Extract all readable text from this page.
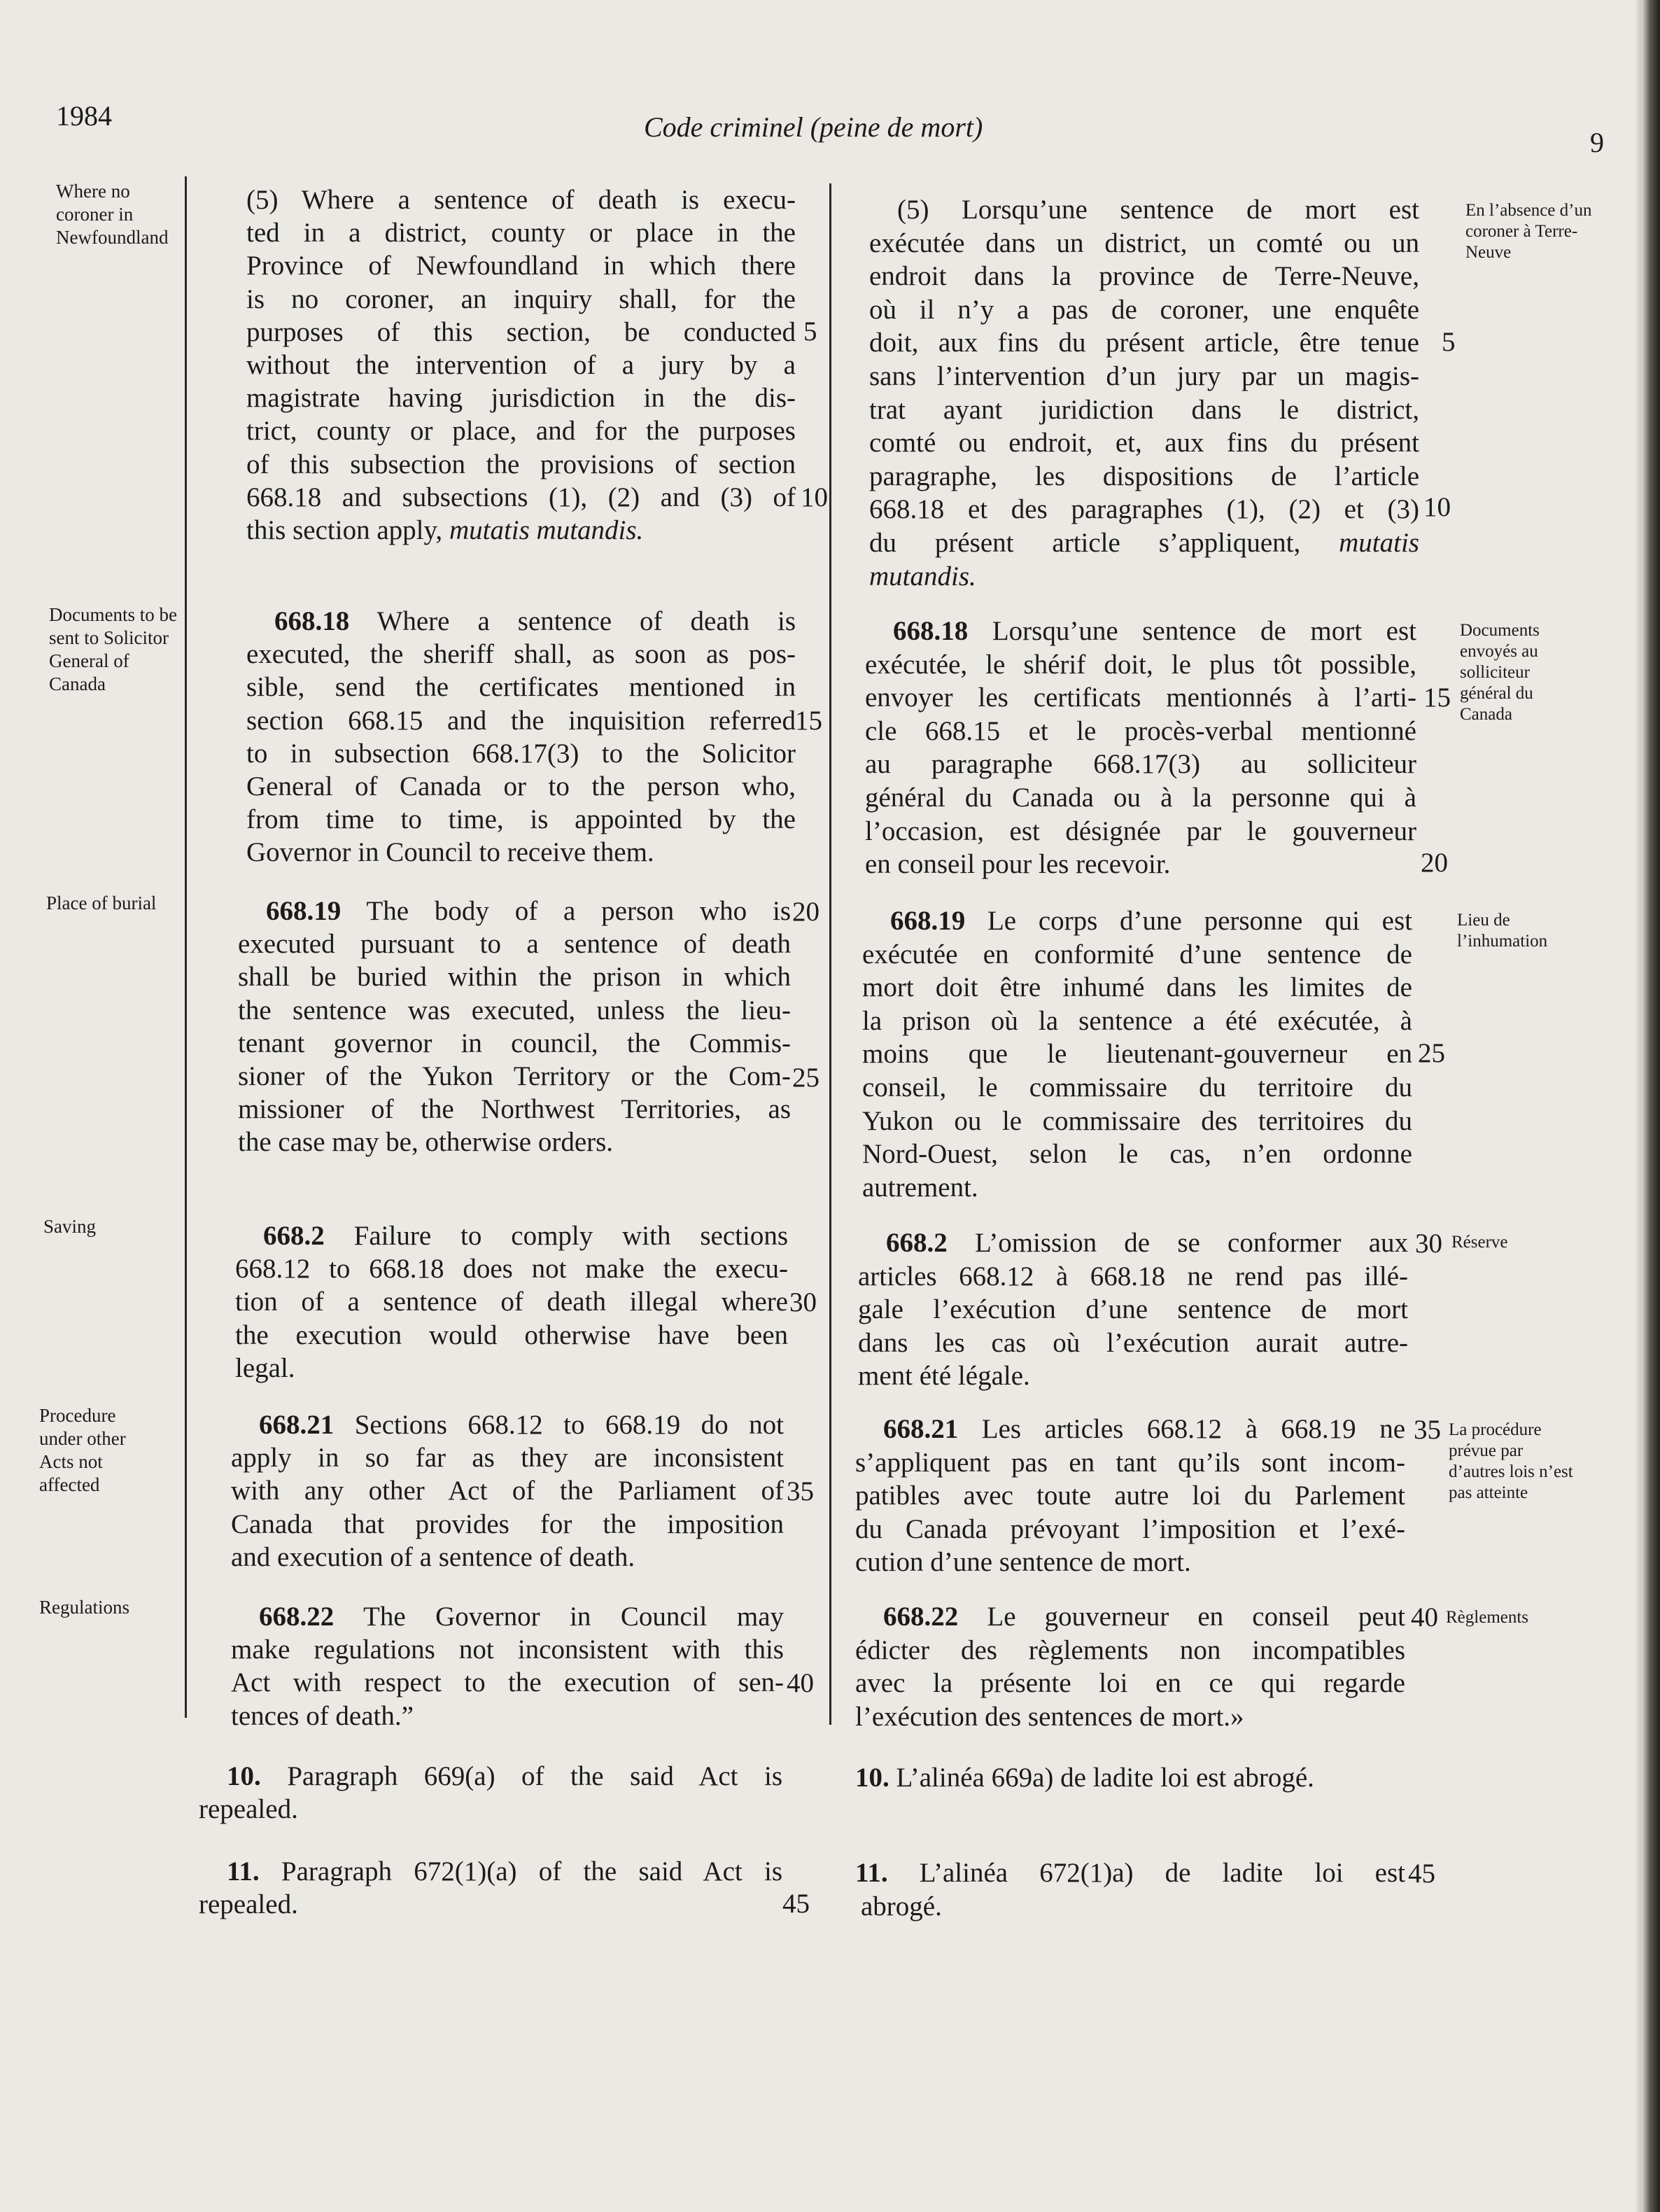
1984	Code criminel (peine de mort)	9
Where no coroner in Newfoundland
Documents to be sent to Solicitor General of Canada
Place of burial
Saving
Procedure under other Acts not affected
Regulations

(5) Where a sentence of death is execu-

ted in a district, county or place in the

Province of Newfoundland in which there

is no coroner, an inquiry shall, for the

purposes of this section, be conducted

without the intervention of a jury by a

magistrate having jurisdiction in the dis-

trict, county or place, and for the purposes

of this subsection the provisions of section

668.18 and subsections (1), (2) and (3) of

this section apply, mutatis mutandis.

668.18 Where a sentence of death is

executed, the sheriff shall, as soon as pos-

sible, send the certificates mentioned in

section 668.15 and the inquisition referred

to in subsection 668.17(3) to the Solicitor

General of Canada or to the person who,

from time to time, is appointed by the

Governor in Council to receive them.

668.19 The body of a person who is

executed pursuant to a sentence of death

shall be buried within the prison in which

the sentence was executed, unless the lieu-

tenant governor in council, the Commis-

sioner of the Yukon Territory or the Com-

missioner of the Northwest Territories, as

the case may be, otherwise orders.

668.2 Failure to comply with sections

668.12 to 668.18 does not make the execu-

tion of a sentence of death illegal where

the execution would otherwise have been

legal.

668.21 Sections 668.12 to 668.19 do not

apply in so far as they are inconsistent

with any other Act of the Parliament of

Canada that provides for the imposition

and execution of a sentence of death.

668.22 The Governor in Council may

make regulations not inconsistent with this

Act with respect to the execution of sen-

tences of death.”

10. Paragraph 669(a) of the said Act is

repealed.

11. Paragraph 672(1)(a) of the said Act is

repealed.

5
10
15
20
25
30
35
40
45

(5) Lorsqu’une sentence de mort est

exécutée dans un district, un comté ou un

endroit dans la province de Terre-Neuve,

où il n’y a pas de coroner, une enquête

doit, aux fins du présent article, être tenue

sans l’intervention d’un jury par un magis-

trat ayant juridiction dans le district,

comté ou endroit, et, aux fins du présent

paragraphe, les dispositions de l’article

668.18 et des paragraphes (1), (2) et (3)

du présent article s’appliquent, mutatis

mutandis.

668.18 Lorsqu’une sentence de mort est

exécutée, le shérif doit, le plus tôt possible,

envoyer les certificats mentionnés à l’arti-

cle 668.15 et le procès-verbal mentionné

au paragraphe 668.17(3) au solliciteur

général du Canada ou à la personne qui à

l’occasion, est désignée par le gouverneur

en conseil pour les recevoir.

668.19 Le corps d’une personne qui est

exécutée en conformité d’une sentence de

mort doit être inhumé dans les limites de

la prison où la sentence a été exécutée, à

moins que le lieutenant-gouverneur en

conseil, le commissaire du territoire du

Yukon ou le commissaire des territoires du

Nord-Ouest, selon le cas, n’en ordonne

autrement.

668.2 L’omission de se conformer aux

articles 668.12 à 668.18 ne rend pas illé-

gale l’exécution d’une sentence de mort

dans les cas où l’exécution aurait autre-

ment été légale.

668.21 Les articles 668.12 à 668.19 ne

s’appliquent pas en tant qu’ils sont incom-

patibles avec toute autre loi du Parlement

du Canada prévoyant l’imposition et l’exé-

cution d’une sentence de mort.

668.22 Le gouverneur en conseil peut

édicter des règlements non incompatibles

avec la présente loi en ce qui regarde

l’exécution des sentences de mort.»

10. L’alinéa 669a) de ladite loi est abrogé.

11. L’alinéa 672(1)a) de ladite loi est

abrogé.

5
10
15
20
25
30
35
40
45
En l’absence d’un coroner à Terre-Neuve
Documents envoyés au solliciteur général du Canada
Lieu de l’inhumation
Réserve
La procédure prévue par d’autres lois n’est pas atteinte
Règlements
